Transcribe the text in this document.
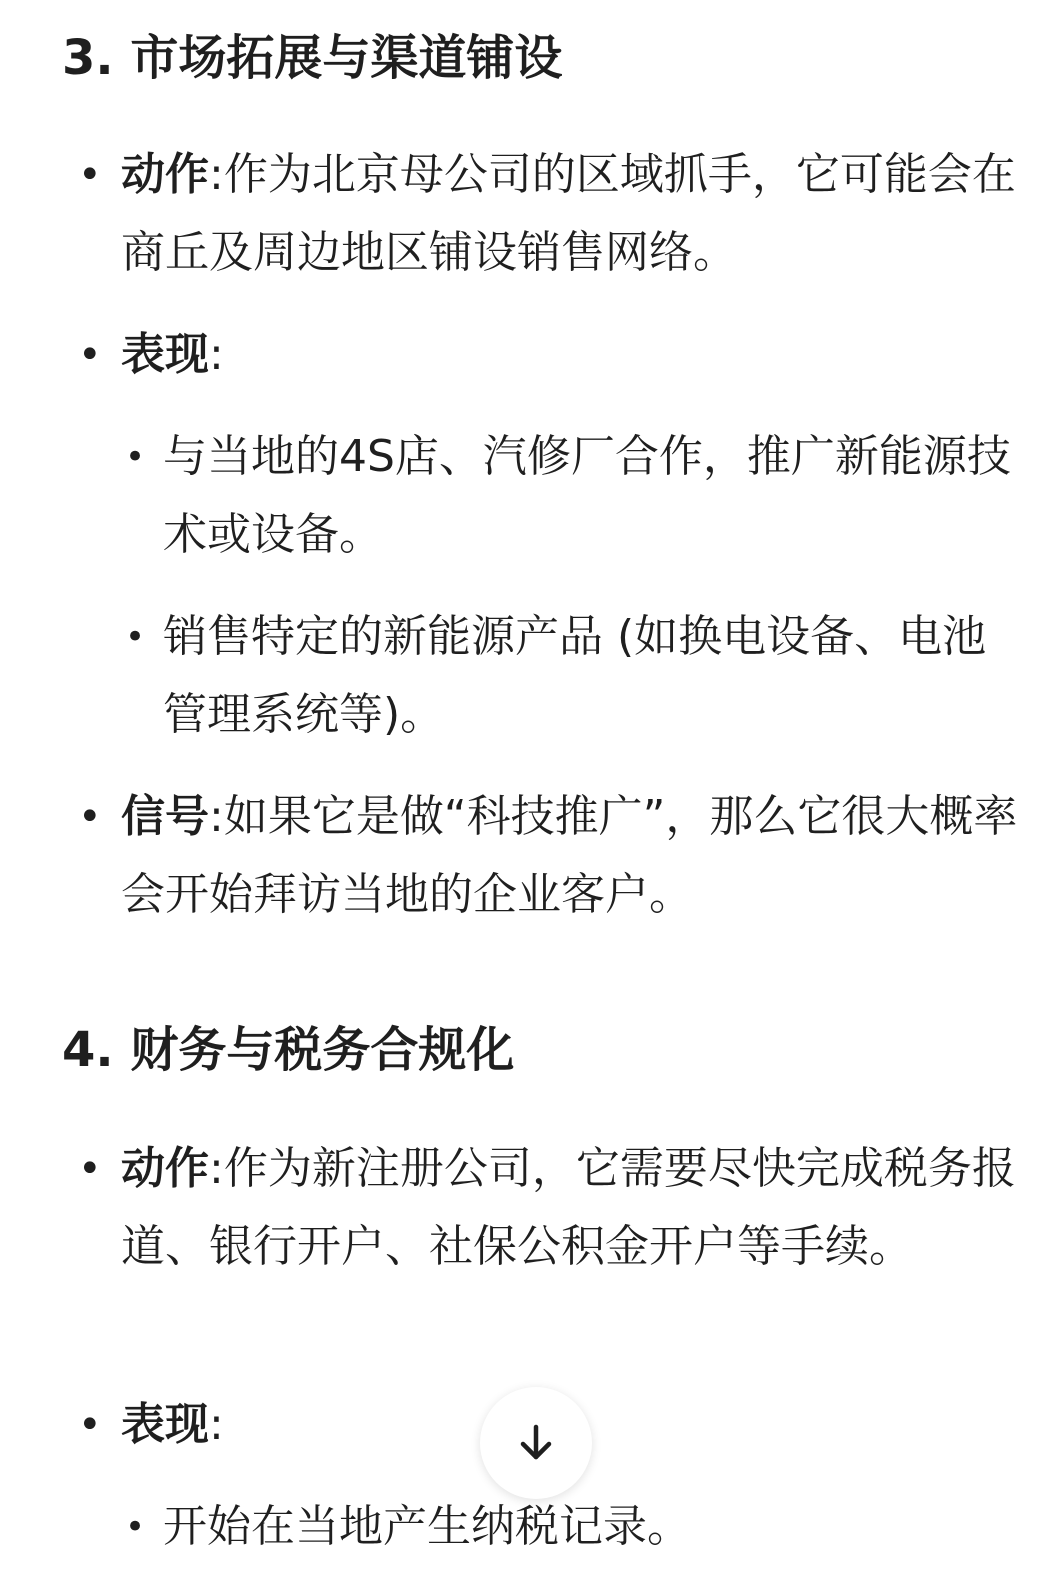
3. 市场拓展与渠道铺设
• 动作:作为北京母公司的区域抓手，它可能会在商丘及周边地区铺设销售网络。
• 表现:
• 与当地的4S店、汽修厂合作，推广新能源技术或设备。
• 销售特定的新能源产品 (如换电设备、电池管理系统等)。
• 信号:如果它是做“科技推广”，那么它很大概率会开始拜访当地的企业客户。
4. 财务与税务合规化
• 动作:作为新注册公司，它需要尽快完成税务报道、银行开户、社保公积金开户等手续。
• 表现:
• 开始在当地产生纳税记录。
